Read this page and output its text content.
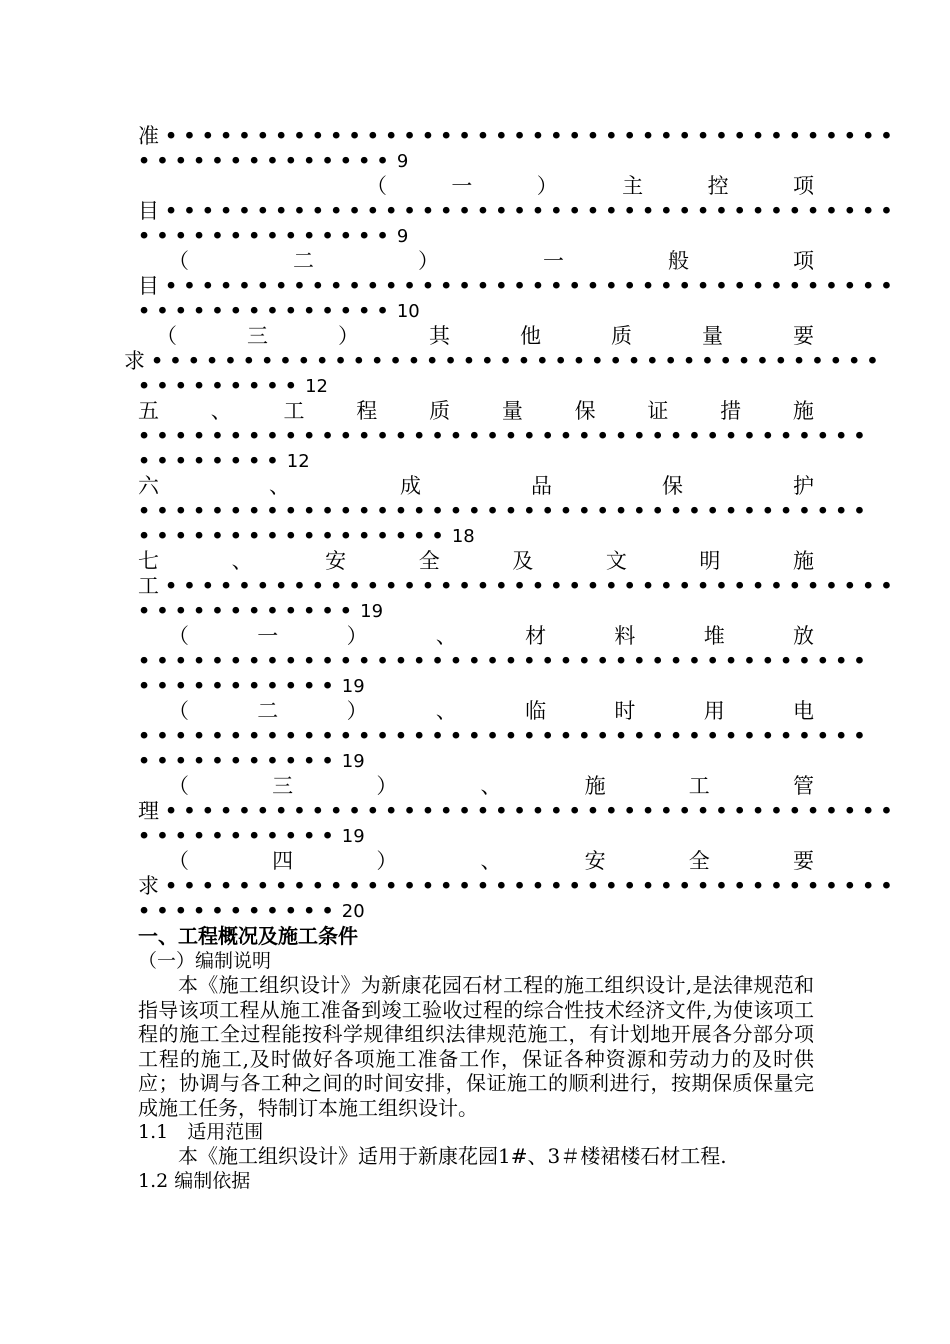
准 ••••••••••••••••••••••••••••••••••••••••
•••••••••••••• 9
（	一	）	主	控	项
目 ••••••••••••••••••••••••••••••••••••••••
•••••••••••••• 9
（	二	）	一	般	项
目 ••••••••••••••••••••••••••••••••••••••••
•••••••••••••• 10
（	三	）	其	他	质	量	要
求 ••••••••••••••••••••••••••••••••••••••••
••••••••• 12
五 、 工 程 质 量 保 证 措 施
••••••••••••••••••••••••••••••••••••••••
•••••••• 12
六	、	成	品	保	护
••••••••••••••••••••••••••••••••••••••••
••••••••••••••••• 18
七	、	安	全	及	文	明	施
工 ••••••••••••••••••••••••••••••••••••••••
•••••••••••• 19
（	一	）	、	材	料	堆	放
••••••••••••••••••••••••••••••••••••••••
••••••••••• 19
（	二	）	、	临	时	用	电
••••••••••••••••••••••••••••••••••••••••
••••••••••• 19
（	三	）	、	施	工	管
理 ••••••••••••••••••••••••••••••••••••••••
••••••••••• 19
（	四	）	、	安	全	要
求 ••••••••••••••••••••••••••••••••••••••••
••••••••••• 20
一、工程概况及施工条件
（一）编制说明
本《施工组织设计》为新康花园石材工程的施工组织设计,是法律规范和指导该项工程从施工准备到竣工验收过程的综合性技术经济文件,为使该项工程的施工全过程能按科学规律组织法律规范施工，有计划地开展各分部分项工程的施工,及时做好各项施工准备工作，保证各种资源和劳动力的及时供应；协调与各工种之间的时间安排，保证施工的顺利进行，按期保质保量完成施工任务，特制订本施工组织设计。
1.1　适用范围
本《施工组织设计》适用于新康花园1#、3＃楼裙楼石材工程.
1.2 编制依据
